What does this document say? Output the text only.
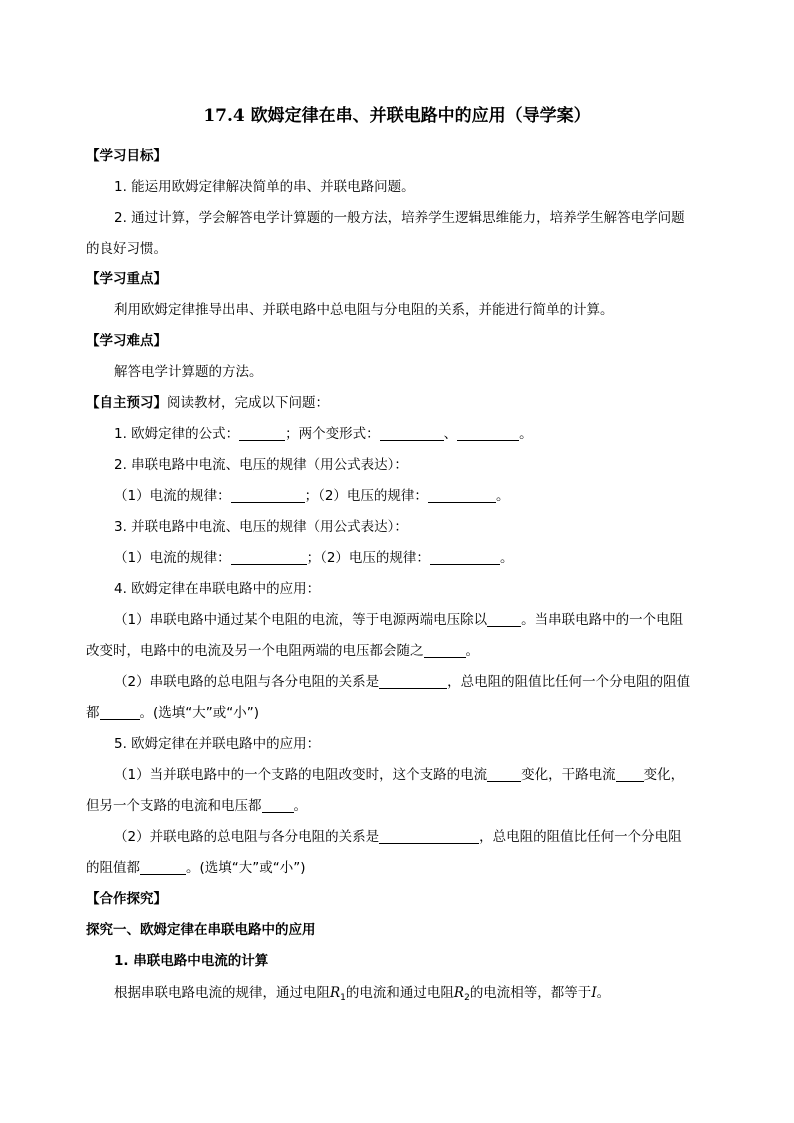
17.4 欧姆定律在串、并联电路中的应用（导学案）
【学习目标】
1. 能运用欧姆定律解决简单的串、并联电路问题。
2. 通过计算，学会解答电学计算题的一般方法，培养学生逻辑思维能力，培养学生解答电学问题
的良好习惯。
【学习重点】
利用欧姆定律推导出串、并联电路中总电阻与分电阻的关系，并能进行简单的计算。
【学习难点】
解答电学计算题的方法。
【自主预习】阅读教材，完成以下问题：
1. 欧姆定律的公式：	；两个变形式：	、	。
2. 串联电路中电流、电压的规律（用公式表达）：
（1）电流的规律：	；（2）电压的规律：	。
3. 并联电路中电流、电压的规律（用公式表达）：
（1）电流的规律：	；（2）电压的规律：	。
4. 欧姆定律在串联电路中的应用：
（1）串联电路中通过某个电阻的电流，等于电源两端电压除以	。当串联电路中的一个电阻
改变时，电路中的电流及另一个电阻两端的电压都会随之	。
（2）串联电路的总电阻与各分电阻的关系是	，总电阻的阻值比任何一个分电阻的阻值
都	。(选填“大”或“小”)
5. 欧姆定律在并联电路中的应用：
（1）当并联电路中的一个支路的电阻改变时，这个支路的电流	变化，干路电流 变化，
但另一个支路的电流和电压都 。
（2）并联电路的总电阻与各分电阻的关系是	，总电阻的阻值比任何一个分电阻
的阻值都	。(选填“大”或“小”)
【合作探究】
探究一、欧姆定律在串联电路中的应用
1. 串联电路中电流的计算
根据串联电路电流的规律，通过电阻$R_1$的电流和通过电阻$R_2$的电流相等，都等于I。
